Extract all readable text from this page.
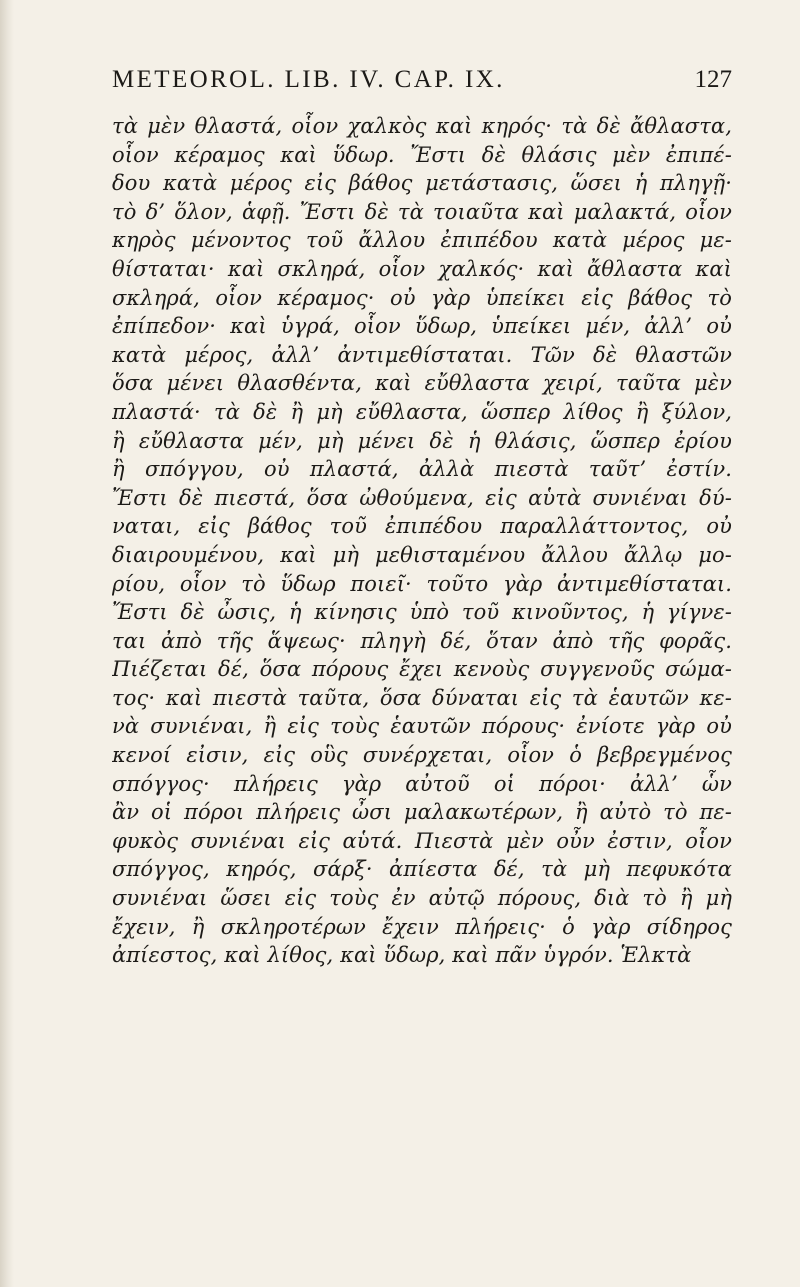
METEOROL. LIB. IV. CAP. IX.	127
τὰ μὲν θλαστά, οἷον χαλκὸς καὶ κηρός· τὰ δὲ ἄθλαστα,
οἷον κέραμος καὶ ὕδωρ. Ἔστι δὲ θλάσις μὲν ἐπιπέ-
δου κατὰ μέρος εἰς βάθος μετάστασις, ὥσει ἡ πληγῇ·
τὸ δ’ ὅλον, ἁφῇ. Ἔστι δὲ τὰ τοιαῦτα καὶ μαλακτά, οἷον
κηρὸς μένοντος τοῦ ἄλλου ἐπιπέδου κατὰ μέρος με-
θίσταται· καὶ σκληρά, οἷον χαλκός· καὶ ἄθλαστα καὶ
σκληρά, οἷον κέραμος· οὐ γὰρ ὑπείκει εἰς βάθος τὸ
ἐπίπεδον· καὶ ὑγρά, οἷον ὕδωρ, ὑπείκει μέν, ἀλλ’ οὐ
κατὰ μέρος, ἀλλ’ ἀντιμεθίσταται. Τῶν δὲ θλαστῶν
ὅσα μένει θλασθέντα, καὶ εὔθλαστα χειρί, ταῦτα μὲν
πλαστά· τὰ δὲ ἢ μὴ εὔθλαστα, ὥσπερ λίθος ἢ ξύλον,
ἢ εὔθλαστα μέν, μὴ μένει δὲ ἡ θλάσις, ὥσπερ ἐρίου
ἢ σπόγγου, οὐ πλαστά, ἀλλὰ πιεστὰ ταῦτ’ ἐστίν.
Ἔστι δὲ πιεστά, ὅσα ὠθούμενα, εἰς αὑτὰ συνιέναι δύ-
ναται, εἰς βάθος τοῦ ἐπιπέδου παραλλάττοντος, οὐ
διαιρουμένου, καὶ μὴ μεθισταμένου ἄλλου ἄλλῳ μο-
ρίου, οἷον τὸ ὕδωρ ποιεῖ· τοῦτο γὰρ ἀντιμεθίσταται.
Ἔστι δὲ ὦσις, ἡ κίνησις ὑπὸ τοῦ κινοῦντος, ἡ γίγνε-
ται ἀπὸ τῆς ἅψεως· πληγὴ δέ, ὅταν ἀπὸ τῆς φορᾶς.
Πιέζεται δέ, ὅσα πόρους ἔχει κενοὺς συγγενοῦς σώμα-
τος· καὶ πιεστὰ ταῦτα, ὅσα δύναται εἰς τὰ ἑαυτῶν κε-
νὰ συνιέναι, ἢ εἰς τοὺς ἑαυτῶν πόρους· ἐνίοτε γὰρ οὐ
κενοί εἰσιν, εἰς οὓς συνέρχεται, οἷον ὁ βεβρεγμένος
σπόγγος· πλήρεις γὰρ αὐτοῦ οἱ πόροι· ἀλλ’ ὧν
ἂν οἱ πόροι πλήρεις ὦσι μαλακωτέρων, ἢ αὐτὸ τὸ πε-
φυκὸς συνιέναι εἰς αὑτά. Πιεστὰ μὲν οὖν ἐστιν, οἷον
σπόγγος, κηρός, σάρξ· ἀπίεστα δέ, τὰ μὴ πεφυκότα
συνιέναι ὥσει εἰς τοὺς ἐν αὐτῷ πόρους, διὰ τὸ ἢ μὴ
ἔχειν, ἢ σκληροτέρων ἔχειν πλήρεις· ὁ γὰρ σίδηρος
ἀπίεστος, καὶ λίθος, καὶ ὕδωρ, καὶ πᾶν ὑγρόν. Ἑλκτὰ
